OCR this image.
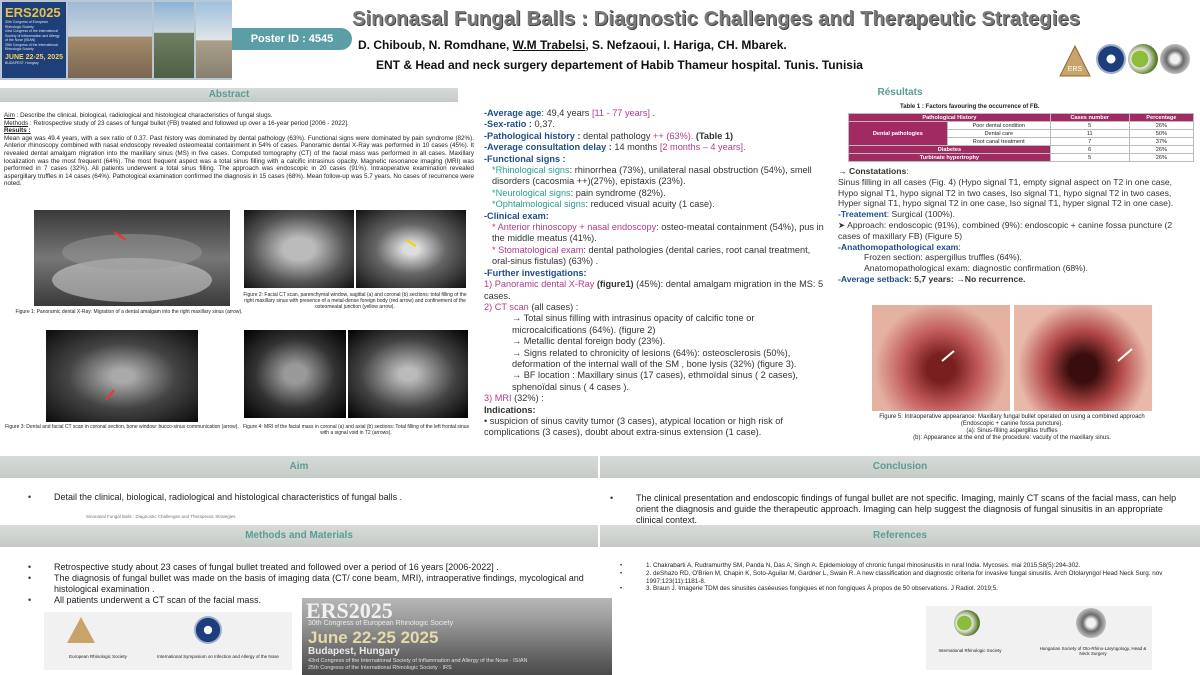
ERS2025
30th Congress of European Rhinologic Society
43rd Congress of the International Society of Inflammation and Allergy of the Nose (ISIAN)
25th Congress of the International Rhinologic Society
JUNE 22-25, 2025
BUDAPEST, Hungary
Poster ID : 4545
Sinonasal Fungal Balls : Diagnostic Challenges and Therapeutic Strategies
D. Chiboub, N. Romdhane, W.M Trabelsi, S. Nefzaoui, I. Hariga, CH. Mbarek.
ENT & Head and neck surgery departement of Habib Thameur hospital. Tunis. Tunisia	ERS
Abstract	Résultats
Aim : Describe the clinical, biological, radiological and histological characteristics of fungal slugs.
Methods : Retrospective study of 23 cases of fungal bullet (FB) treated and followed up over a 16-year period [2006 - 2022].
Results :
Mean age was 49.4 years, with a sex ratio of 0.37. Past history was dominated by dental pathology (63%). Functional signs were dominated by pain syndrome (82%). Anterior rhinoscopy combined with nasal endoscopy revealed osteomeatal containment in 54% of cases. Panoramic dental X-Ray was performed in 10 cases (45%). It revealed dental amalgam migration into the maxillary sinus (MS) in five cases. Computed tomography (CT) of the facial mass was performed in all cases. Maxillary localization was the most frequent (64%). The most frequent aspect was a total sinus filling with a calcific intrasinus opacity. Magnetic resonance imaging (MRI) was performed in 7 cases (32%). All patients underwent a total sinus filling. The approach was endoscopic in 20 cases (91%). Intraoperative examination revealed aspergillary truffles in 14 cases (64%). Pathological examination confirmed the diagnosis in 15 cases (68%). Mean follow-up was 5.7 years. No cases of recurrence were noted.
Figure 1: Panoramic dental X-Ray: Migration of a dental amalgam into the right maxillary sinus (arrow).
Figure 2: Facial CT scan, parenchymal window, sagittal (a) and coronal (b) sections: total filling of the right maxillary sinus with presence of a metal-dense foreign body (red arrow) and confinement of the osteomeatal junction (yellow arrow).
Figure 3: Dental and facial CT scan in coronal section, bone window: bucco-sinus communication (arrow). Figure 4: MRI of the facial mass in coronal (a) and axial (b) sections: Total filling of the left frontal sinus with a signal void in T2 (arrows).
-Average age: 49,4 years [11 - 77 years] .
-Sex-ratio : 0,37.
-Pathological history : dental pathology ++ (63%). (Table 1)
-Average consultation delay : 14 months [2 months – 4 years].
-Functional signs :
*Rhinological signs: rhinorrhea (73%), unilateral nasal obstruction (54%), smell disorders (cacosmia ++)(27%), epistaxis (23%).
*Neurological signs: pain syndrome (82%).
*Ophtalmological signs: reduced visual acuity (1 case).
-Clinical exam:
* Anterior rhinoscopy + nasal endoscopy: osteo-meatal containment (54%), pus in the middle meatus (41%).
* Stomatological exam: dental pathologies (dental caries, root canal treatment, oral-sinus fistulas) (63%) .
-Further investigations:
1) Panoramic dental X-Ray (figure1) (45%): dental amalgam migration in the MS: 5 cases.
2) CT scan (all cases) :
→ Total sinus filling with intrasinus opacity of calcific tone or microcalcifications (64%). (figure 2)
→ Metallic dental foreign body (23%).
→ Signs related to chronicity of lesions (64%): osteosclerosis (50%), deformation of the internal wall of the SM , bone lysis (32%) (figure 3).
→ BF location : Maxillary sinus (17 cases), ethmoïdal sinus ( 2 cases), sphenoïdal sinus ( 4 cases ).
3) MRI (32%) :
Indications:
• suspicion of sinus cavity tumor (3 cases), atypical location or high risk of complications (3 cases), doubt about extra-sinus extension (1 case).
Table 1 : Factors favouring the occurrence of FB.
Pathological History		Cases number	Percentage
Dental pathologies	Poor dental condition	5	26%
	Dental care	11	50%
	Root canal treatment	7	37%
Diabetes		6	26%
Turbinate hypertrophy		5	26%
→ Constatations:
Sinus filling in all cases (Fig. 4) (Hypo signal T1, empty signal aspect on T2 in one case, Hypo signal T1, hypo signal T2 in two cases, Iso signal T1, hypo signal T2 in two cases, Hyper signal T1, hypo signal T2 in one case, Iso signal T1, hyper signal T2 in one case).
-Treatement: Surgical (100%).
➤ Approach: endoscopic (91%), combined (9%): endoscopic + canine fossa puncture (2 cases of maxillary FB) (Figure 5)
-Anathomopathological exam:
Frozen section: aspergillus truffles (64%).
Anatomopathological exam: diagnostic confirmation (68%).
-Average setback: 5,7 years: →No recurrence.
Figure 5: Intraoperative appearance: Maxillary fungal bullet operated on using a combined approach (Endoscopic + canine fossa puncture).
(a): Sinus-filling aspergillus truffles
(b): Appearance at the end of the procedure: vacuity of the maxillary sinus.
Aim	Conclusion
• Detail the clinical, biological, radiological and histological characteristics of fungal balls .
Sinonasal Fungal Balls : Diagnostic Challenges and Therapeutic Strategies
• The clinical presentation and endoscopic findings of fungal bullet are not specific. Imaging, mainly CT scans of the facial mass, can help orient the diagnosis and guide the therapeutic approach. Imaging can help suggest the diagnosis of fungal sinusitis in an appropriate clinical context.
Methods and Materials	References
• Retrospective study about 23 cases of fungal bullet treated and followed over a period of 16 years [2006-2022] .
• The diagnosis of fungal bullet was made on the basis of imaging data (CT/ cone beam, MRI), intraoperative findings, mycological and histological examination .
• All patients underwent a CT scan of the facial mass.
• 1. Chakrabarti A, Rudramurthy SM, Panda N, Das A, Singh A. Epidemiology of chronic fungal rhinosinusitis in rural India. Mycoses. mai 2015;58(5):294-302.
• 2. deShazo RD, O'Brien M, Chapin K, Soto-Aguilar M, Gardner L, Swain R. A new classification and diagnostic criteria for invasive fungal sinusitis. Arch Otolaryngol Head Neck Surg. nov 1997;123(11):1181-8.
• 3. Braun J. Imagerie TDM des sinusites caséeuses fongiques et non fongiques À propos de 50 observations. J Radiol. 2019;5.
European Rhinologic Society	International Symposium on Infection and Allergy of the Nose
International Rhinologic Society	Hungarian Society of Oto-Rhino-Laryngology, Head & Neck Surgery
ERS2025
30th Congress of European Rhinologic Society
June 22-25 2025
Budapest, Hungary
43rd Congress of the International Society of Inflammation and Allergy of the Nose · ISIAN
25th Congress of the International Rhinologic Society · IRS
